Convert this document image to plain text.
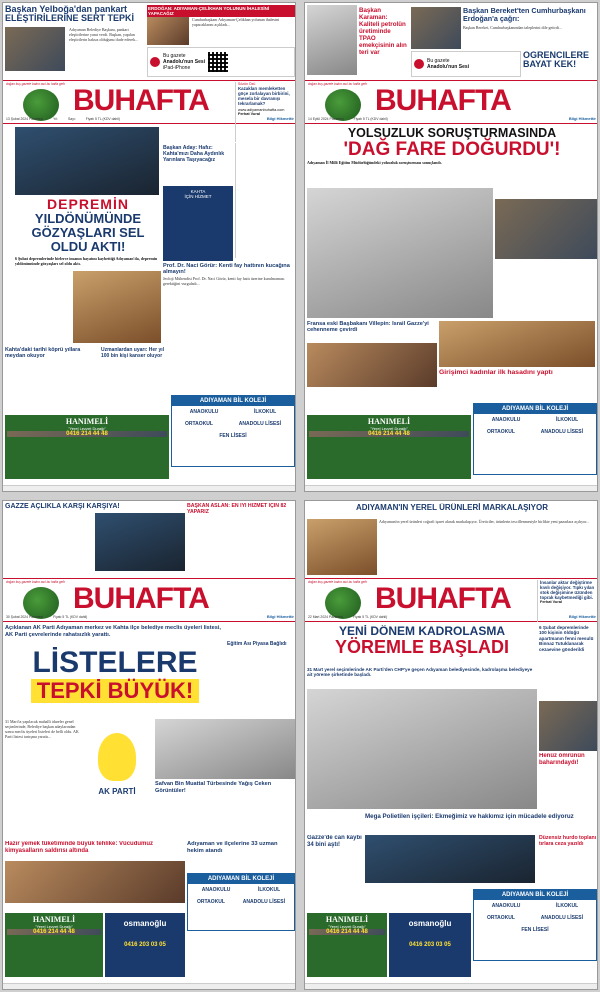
Başkan Yelboğa'dan pankart ELEŞTİRİLERİNE SERT TEPKİ
Adıyaman Belediye Başkanı, pankart eleştirilerine yanıt verdi. Başkan, yapılan eleştirilerin haksız olduğunu ifade ederek...
ERDOĞAN: ADIYAMAN-ÇELİKHAN YOLUNUN İHALESİNİ YAPACAĞIZ
Cumhurbaşkanı Adıyaman-Çelikhan yolunun ihalesini yapacaklarını açıkladı...
Bu gazete
Anadolu'nun Sesi
iPad-iPhone
doğan kuş gazete bakın asıl bu hafta gelir BUHAFTA
13 Şubat 2024 Pazartesi	Yıl:	Sayı:	Fiyatı 5 TL (KDV dahil)	Bilgi Hikmettir
Sözün Özü
Kazakları memleketten göçe zorlalayan birbirini, mesela bir davranışı tekrarlamak?
www.adiyamanbuhafta.com
Ferhat Vural
DEPREMİN
YILDÖNÜMÜNDE GÖZYAŞLARI SEL OLDU AKTI!
6 Şubat depremlerinde birlerce insanın hayatını kaybettiği Adıyaman'da, depremin yıldönümünde gözyaşları sel oldu aktı.
Başkan Aday: Hafız: Kahta'mızı Daha Aydınlık Yarınlara Taşıyacağız
KAHTA
İÇİN HİZMET
Prof. Dr. Naci Görür: Kenti fay hattının kucağına almayın!
Jeoloji Mühendisi Prof. Dr. Naci Görür, kenti fay hattı üzerine kurulmaması gerektiğini vurguladı...
Kahta'daki tarihi köprü yıllara meydan okuyor
Uzmanlardan uyarı: Her yıl 100 bin kişi kanser oluyor
ADIYAMAN BİL KOLEJİ
ANAOKULU	İLKOKUL
ORTAOKUL	ANADOLU LİSESİ
FEN LİSESİ
HANIMELİ
"Yerel Lezzet Durağı"
0416 214 44 48
Başkan Karaman: Kaliteli petrolün üretiminde TPAO emekçisinin alın teri var
Başkan Bereket'ten Cumhurbaşkanı Erdoğan'a çağrı:
Başkan Bereket, Cumhurbaşkanından taleplerini dile getirdi...
ÖĞRENCİLERE BAYAT KEK!
Bu gazete
Anadolu'nun Sesi
doğan kuş gazete bakın asıl bu hafta gelir BUHAFTA
14 Eylül 2024 Pazartesi	Fiyatı 5 TL (KDV dahil)	Bilgi Hikmettir
YOLSUZLUK SORUŞTURMASINDA
'DAĞ FARE DOĞURDU'!
Adıyaman İl Milli Eğitim Müdürlüğündeki yolsuzluk soruşturması sonuçlandı.
Fransa eski Başbakanı Villepin: İsrail Gazze'yi cehenneme çevirdi
Girişimci kadınlar ilk hasadını yaptı
ADIYAMAN BİL KOLEJİ
ANAOKULU	İLKOKUL
ORTAOKUL	ANADOLU LİSESİ
HANIMELİ
"Yerel Lezzet Durağı"
0416 214 44 48
GAZZE AÇLIKLA KARŞI KARŞIYA!	BAŞKAN ASLAN: EN İYİ HİZMET İÇİN 82 YAPARIZ
doğan kuş gazete bakın asıl bu hafta gelir BUHAFTA
30 Şubat 2024 Pazartesi	Fiyatı 5 TL (KDV dahil)	Bilgi Hikmettir
Açıklanan AK Parti Adıyaman merkez ve Kahta ilçe belediye meclis üyeleri listesi, AK Parti çevrelerinde rahatsızlık yarattı.
LİSTELERE
TEPKİ BÜYÜK!
Eğitim Ası Piyasa Bağlıdı
31 Mart'ta yapılacak mahalli idareler genel seçimlerinde, Belediye başkan adaylarından sonra meclis üyeleri listeleri de belli oldu. AK Parti listesi tartışma yarattı...
AK PARTİ
Safvan Bin Muattal Türbesinde Yağış Ceken Görüntüler!
Hazır yemek tüketiminde büyük tehlike: Vücudumuz kimyasalların saldırısı altında
Adıyaman ve ilçelerine 33 uzman hekim atandı
ADIYAMAN BİL KOLEJİ
ANAOKULU	İLKOKUL
ORTAOKUL	ANADOLU LİSESİ
HANIMELİ
"Yerel Lezzet Durağı"
0416 214 44 48
osmanoğlu
0416 203 03 05
ADIYAMAN'IN YEREL ÜRÜNLERİ MARKALAŞIYOR
Adıyaman'ın yerel ürünleri coğrafi işaret alarak markalaşıyor. Üreticiler, ürünlerin tescillenmesiyle birlikte yeni pazarlara açılıyor...
doğan kuş gazete bakın asıl bu hafta gelir BUHAFTA
22 Mart 2024 Pazartesi	Fiyatı 5 TL (KDV dahil)	Bilgi Hikmettir
İnsanlar aktar değiştirme kıvılı değişiyor. Tıpkı yılan stok değişimine üzünden toprak kaybetmediği gibi.
Ferhat Vural
YENİ DÖNEM KADROLASMA
YÖREMLE BAŞLADI
31 Mart yerel seçimlerinde AK Parti'den CHP'ye geçen Adıyaman belediyesinde, kadrolaşma belediyeye ait yöreme şirketinde başladı.
6 Şubat depremlerinde 100 kişinin öldüğü apartmanın fenni mesulü Binnaz Tutuklanarak cezaevine gönderildi
Henüz ömrünün baharındaydı!
Mega Polietilen işçileri: Ekmeğimiz ve hakkımız için mücadele ediyoruz
Gazze'de can kaybı 34 bini aştı!
Düzensiz hurdo toplanı tırlara ceza yazıldı
ADIYAMAN BİL KOLEJİ
ANAOKULU	İLKOKUL
ORTAOKUL	ANADOLU LİSESİ
FEN LİSESİ
HANIMELİ
"Yerel Lezzet Durağı"
0416 214 44 48
osmanoğlu
0416 203 03 05
